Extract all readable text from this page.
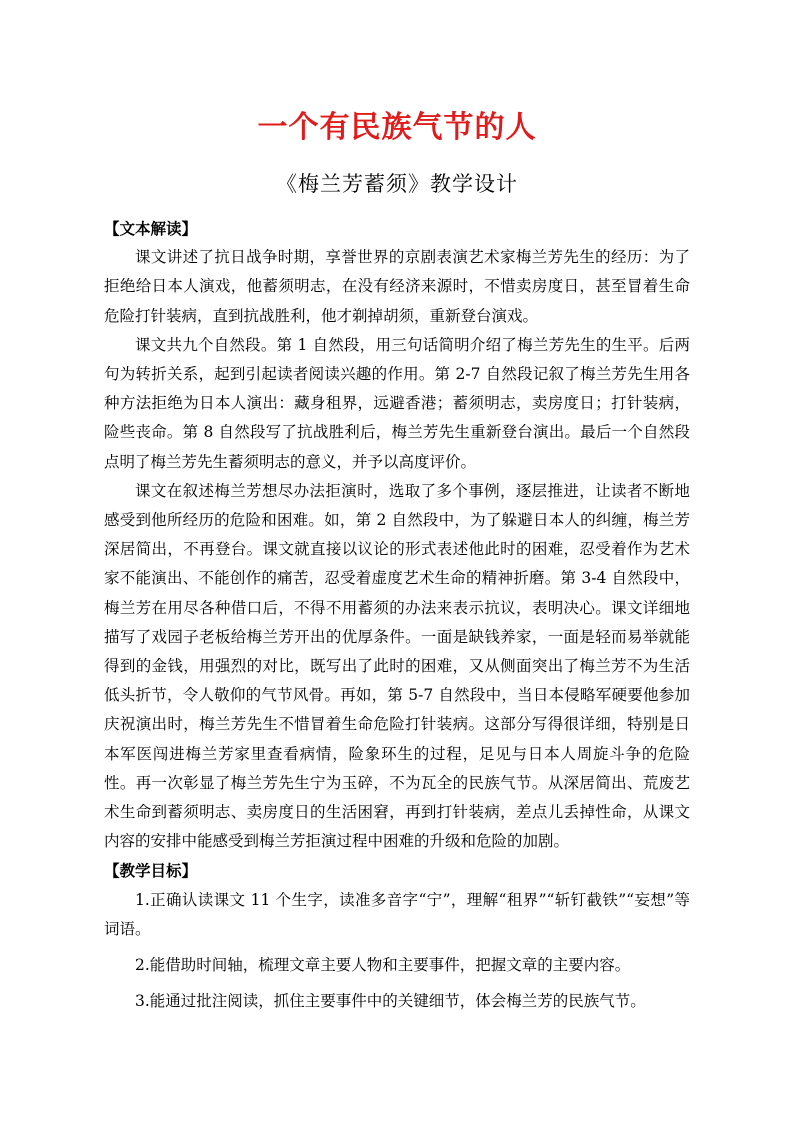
一个有民族气节的人
《梅兰芳蓄须》教学设计

【文本解读】

课文讲述了抗日战争时期，享誉世界的京剧表演艺术家梅兰芳先生的经历：为了拒绝给日本人演戏，他蓄须明志，在没有经济来源时，不惜卖房度日，甚至冒着生命危险打针装病，直到抗战胜利，他才剃掉胡须，重新登台演戏。

课文共九个自然段。第 1 自然段，用三句话简明介绍了梅兰芳先生的生平。后两句为转折关系，起到引起读者阅读兴趣的作用。第 2-7 自然段记叙了梅兰芳先生用各种方法拒绝为日本人演出：藏身租界，远避香港；蓄须明志，卖房度日；打针装病，险些丧命。第 8 自然段写了抗战胜利后，梅兰芳先生重新登台演出。最后一个自然段点明了梅兰芳先生蓄须明志的意义，并予以高度评价。

课文在叙述梅兰芳想尽办法拒演时，选取了多个事例，逐层推进，让读者不断地感受到他所经历的危险和困难。如，第 2 自然段中，为了躲避日本人的纠缠，梅兰芳深居简出，不再登台。课文就直接以议论的形式表述他此时的困难，忍受着作为艺术家不能演出、不能创作的痛苦，忍受着虚度艺术生命的精神折磨。第 3-4 自然段中，梅兰芳在用尽各种借口后，不得不用蓄须的办法来表示抗议，表明决心。课文详细地描写了戏园子老板给梅兰芳开出的优厚条件。一面是缺钱养家，一面是轻而易举就能得到的金钱，用强烈的对比，既写出了此时的困难，又从侧面突出了梅兰芳不为生活低头折节，令人敬仰的气节风骨。再如，第 5-7 自然段中，当日本侵略军硬要他参加庆祝演出时，梅兰芳先生不惜冒着生命危险打针装病。这部分写得很详细，特别是日本军医闯进梅兰芳家里查看病情，险象环生的过程，足见与日本人周旋斗争的危险性。再一次彰显了梅兰芳先生宁为玉碎，不为瓦全的民族气节。从深居简出、荒废艺术生命到蓄须明志、卖房度日的生活困窘，再到打针装病，差点儿丢掉性命，从课文内容的安排中能感受到梅兰芳拒演过程中困难的升级和危险的加剧。

【教学目标】

1.正确认读课文 11 个生字，读准多音字“宁”，理解“租界”“斩钉截铁”“妄想”等词语。

2.能借助时间轴，梳理文章主要人物和主要事件，把握文章的主要内容。

3.能通过批注阅读，抓住主要事件中的关键细节，体会梅兰芳的民族气节。
